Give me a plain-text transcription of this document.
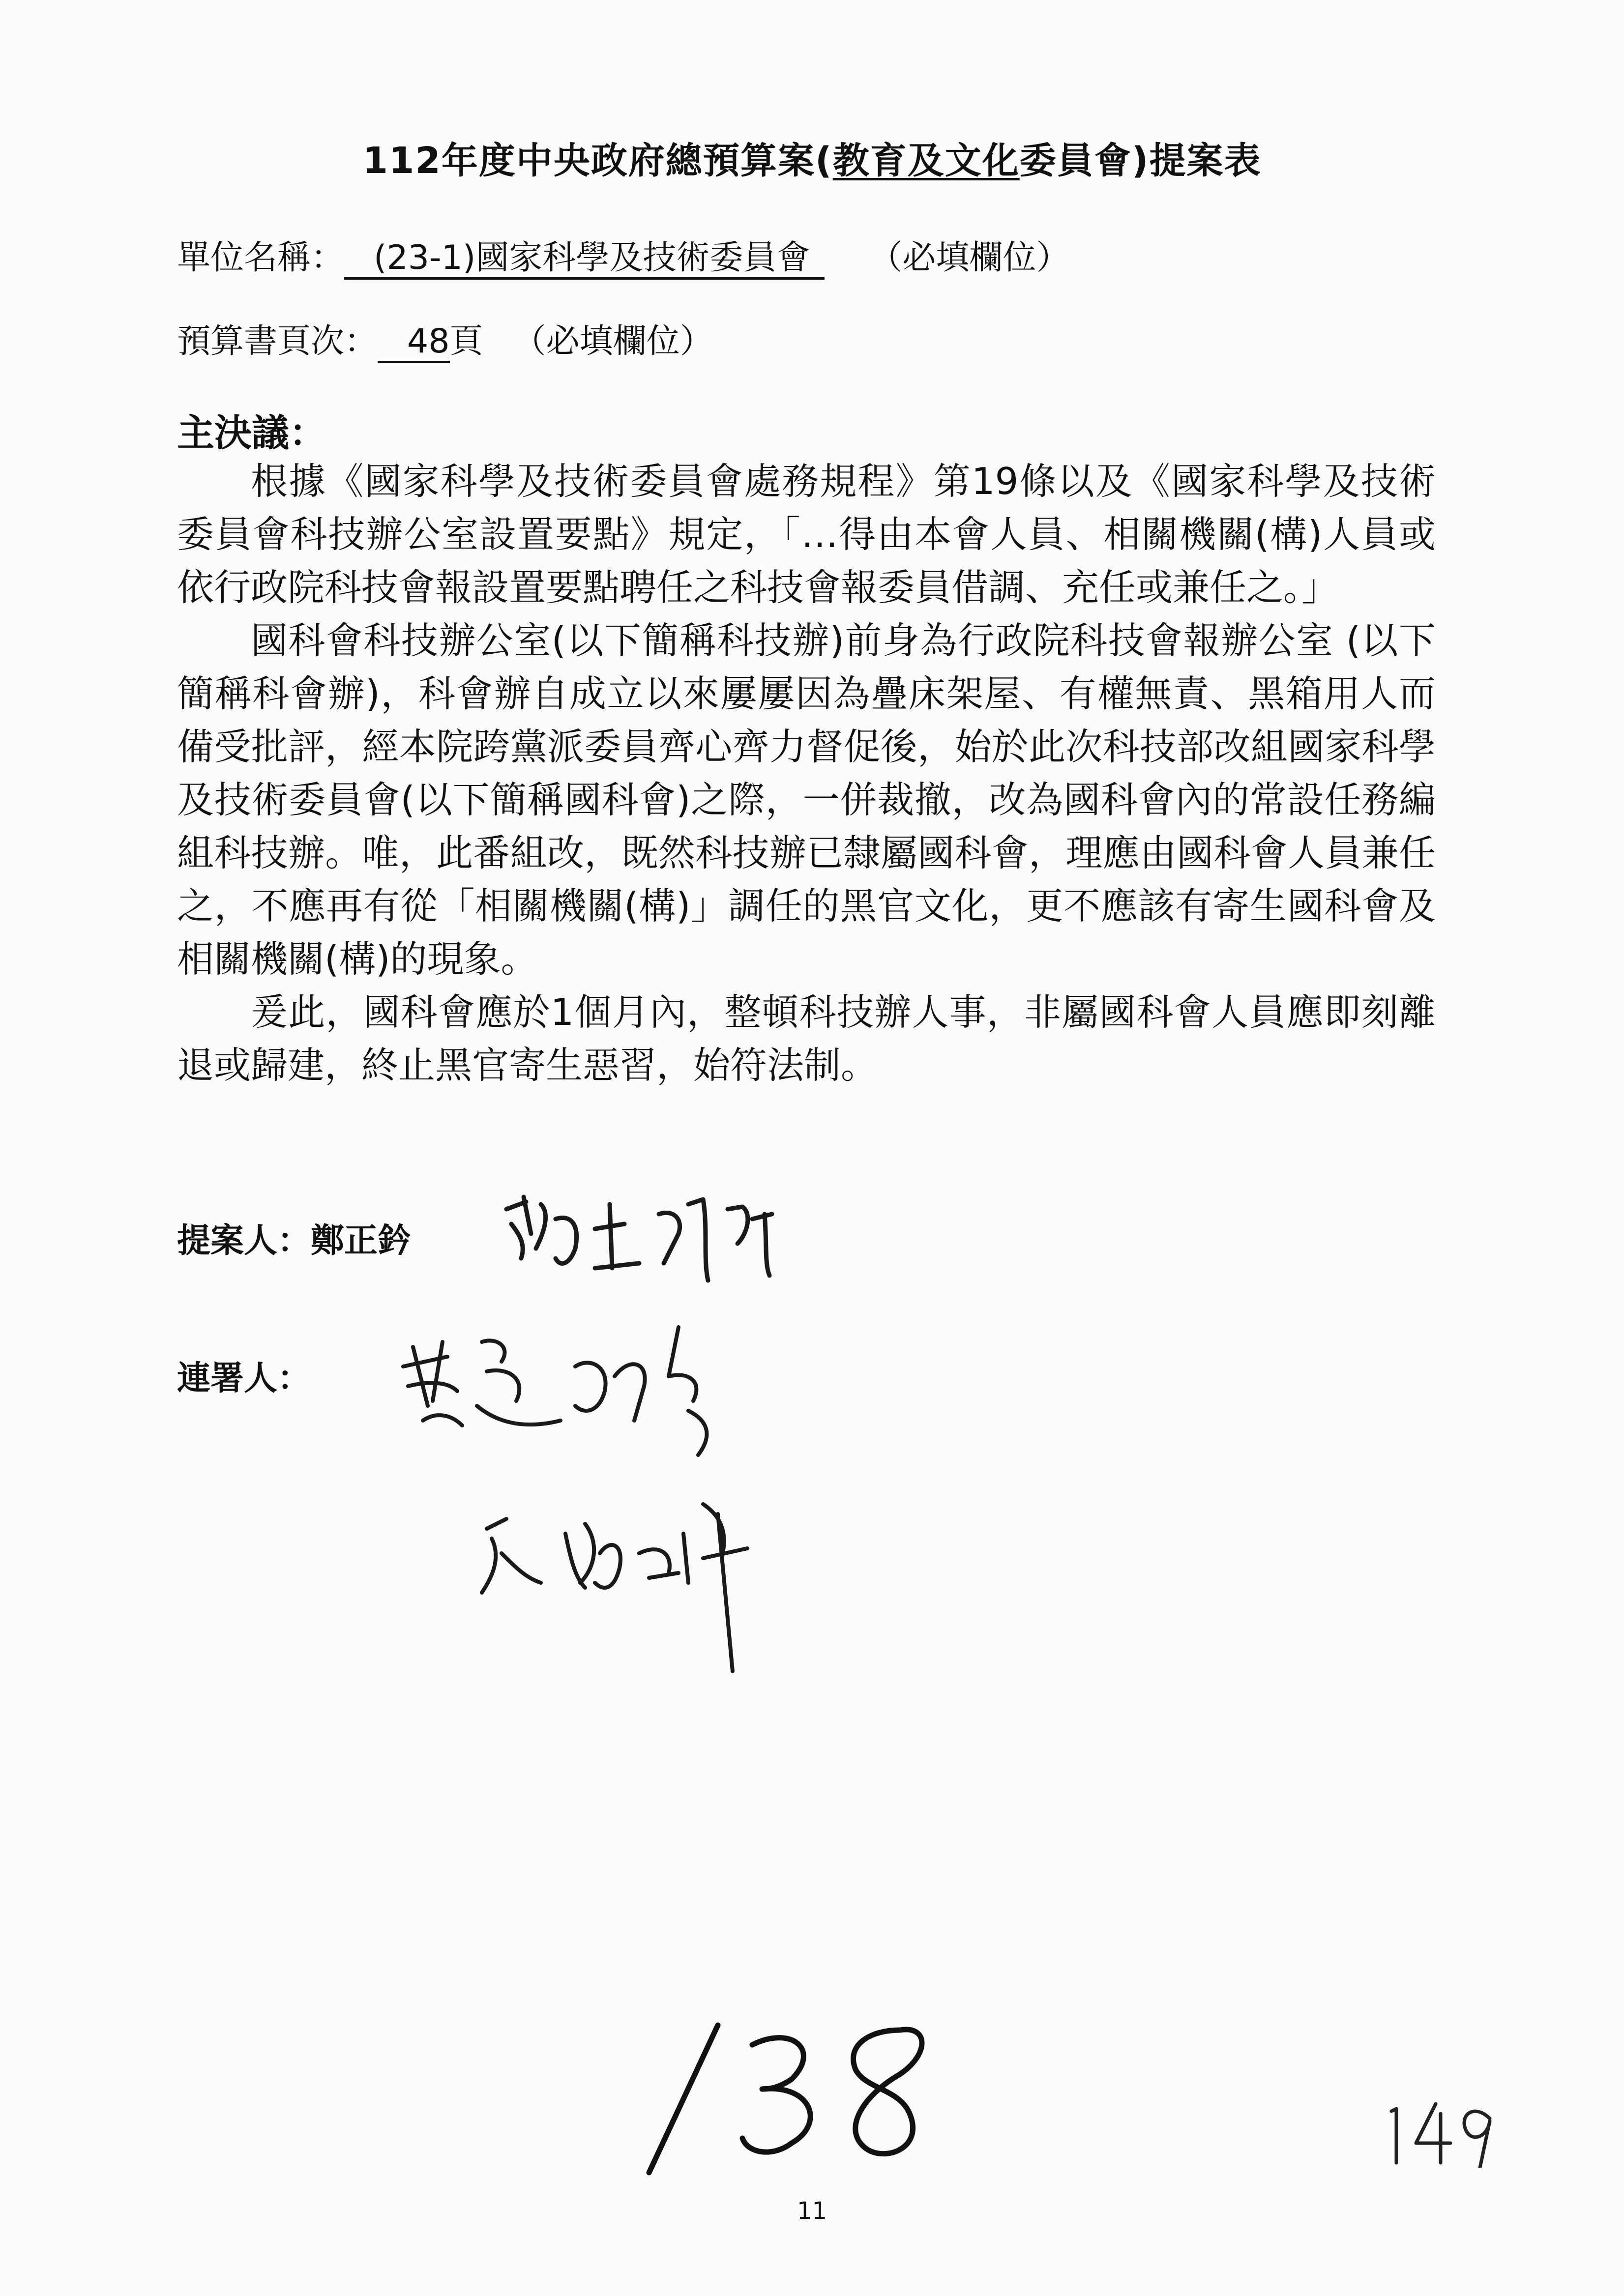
112年度中央政府總預算案(教育及文化委員會)提案表
單位名稱： (23-1)國家科學及技術委員會 （必填欄位）
預算書頁次： 48頁 （必填欄位）
主決議：

根據《國家科學及技術委員會處務規程》第19條以及《國家科學及技術委員會科技辦公室設置要點》規定，「…得由本會人員、相關機關(構)人員或依行政院科技會報設置要點聘任之科技會報委員借調、充任或兼任之。」

國科會科技辦公室(以下簡稱科技辦)前身為行政院科技會報辦公室 (以下簡稱科會辦)，科會辦自成立以來屢屢因為疊床架屋、有權無責、黑箱用人而備受批評，經本院跨黨派委員齊心齊力督促後，始於此次科技部改組國家科學及技術委員會(以下簡稱國科會)之際，一併裁撤，改為國科會內的常設任務編組科技辦。唯，此番組改，既然科技辦已隸屬國科會，理應由國科會人員兼任之，不應再有從「相關機關(構)」調任的黑官文化，更不應該有寄生國科會及相關機關(構)的現象。

爰此，國科會應於1個月內，整頓科技辦人事，非屬國科會人員應即刻離退或歸建，終止黑官寄生惡習，始符法制。

提案人：鄭正鈐
連署人：
138
149
11
